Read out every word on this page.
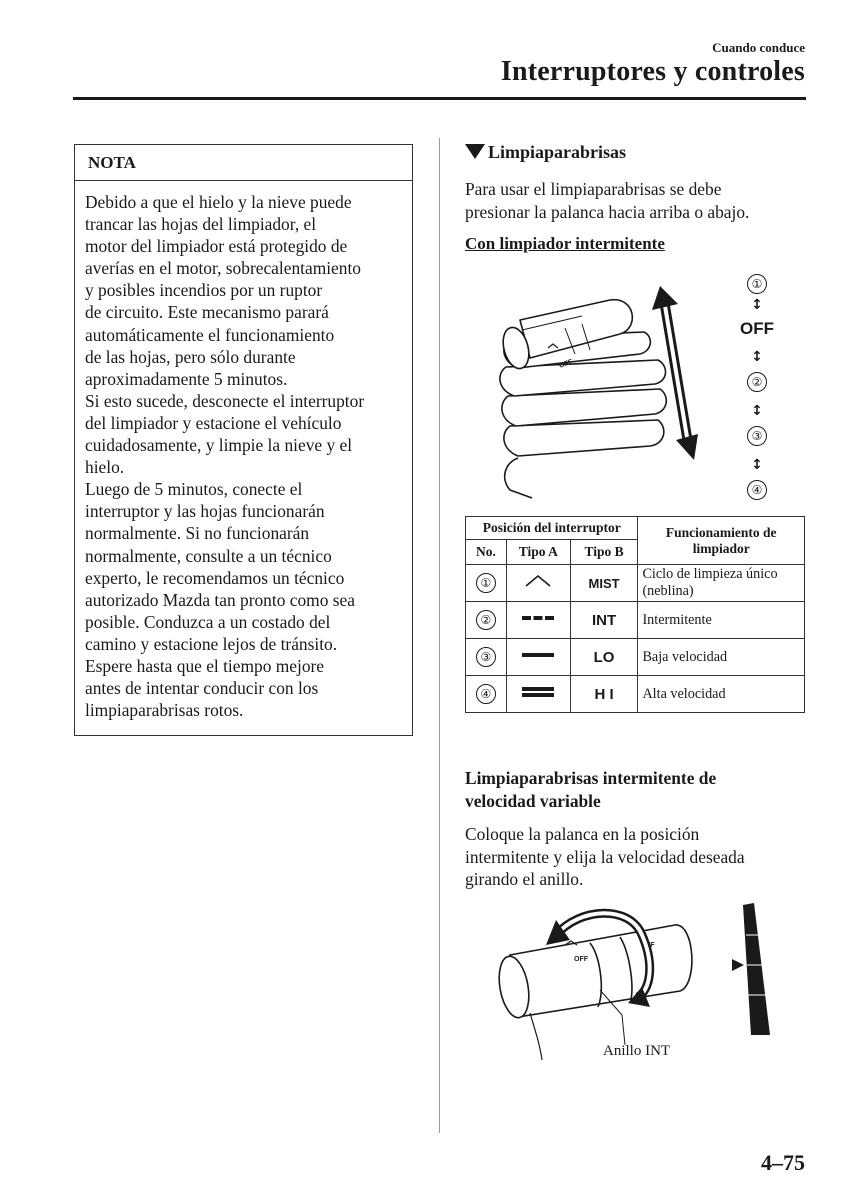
Cuando conduce
Interruptores y controles
NOTA

Debido a que el hielo y la nieve puede

trancar las hojas del limpiador, el

motor del limpiador está protegido de

averías en el motor, sobrecalentamiento

y posibles incendios por un ruptor

de circuito. Este mecanismo parará

automáticamente el funcionamiento

de las hojas, pero sólo durante

aproximadamente 5 minutos.

Si esto sucede, desconecte el interruptor

del limpiador y estacione el vehículo

cuidadosamente, y limpie la nieve y el

hielo.

Luego de 5 minutos, conecte el

interruptor y las hojas funcionarán

normalmente. Si no funcionarán

normalmente, consulte a un técnico

experto, le recomendamos un técnico

autorizado Mazda tan pronto como sea

posible. Conduzca a un costado del

camino y estacione lejos de tránsito.

Espere hasta que el tiempo mejore

antes de intentar conducir con los

limpiaparabrisas rotos.

Limpiaparabrisas

Para usar el limpiaparabrisas se debe

presionar la palanca hacia arriba o abajo.

Con limpiador intermitente
OFF
①
↕
OFF
↕
②
↕
③
↕
④
Posición del interruptor			Funcionamiento de limpiador
No.	Tipo A	Tipo B	
①		MIST	Ciclo de limpieza único
(neblina)

②		INT	Intermitente

③		LO	Baja velocidad

④		H I	Alta velocidad
Limpiaparabrisas intermitente de
velocidad variable
Coloque la palanca en la posición
intermitente y elija la velocidad deseada
girando el anillo.
OFF
FF
Anillo INT
4–75
